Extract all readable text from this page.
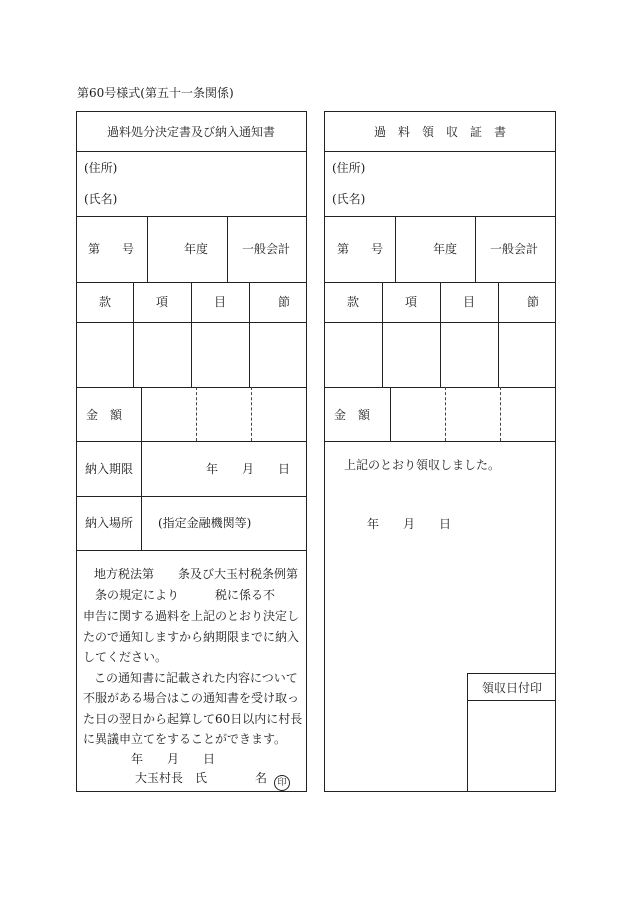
第60号様式(第五十一条関係)
過料処分決定書及び納入通知書
(住所)
(氏名)
第 号	年度	一般会計
款	項	目	節
金　額
納入期限	年　　月　　日
納入場所 (指定金融機関等)
地方税法第　　条及び大玉村税条例第
　条の規定により　　　税に係る不
申告に関する過料を上記のとおり決定し
たので通知しますから納期限までに納入
してください。
この通知書に記載された内容について
不服がある場合はこの通知書を受け取っ
た日の翌日から起算して60日以内に村長
に異議申立てをすることができます。
年　　月　　日
大玉村長　氏　　　　名	印
過　料　領　収　証　書
(住所)
(氏名)
第 号	年度	一般会計
款	項	目	節
金　額
上記のとおり領収しました。
年　　月　　日
領収日付印
